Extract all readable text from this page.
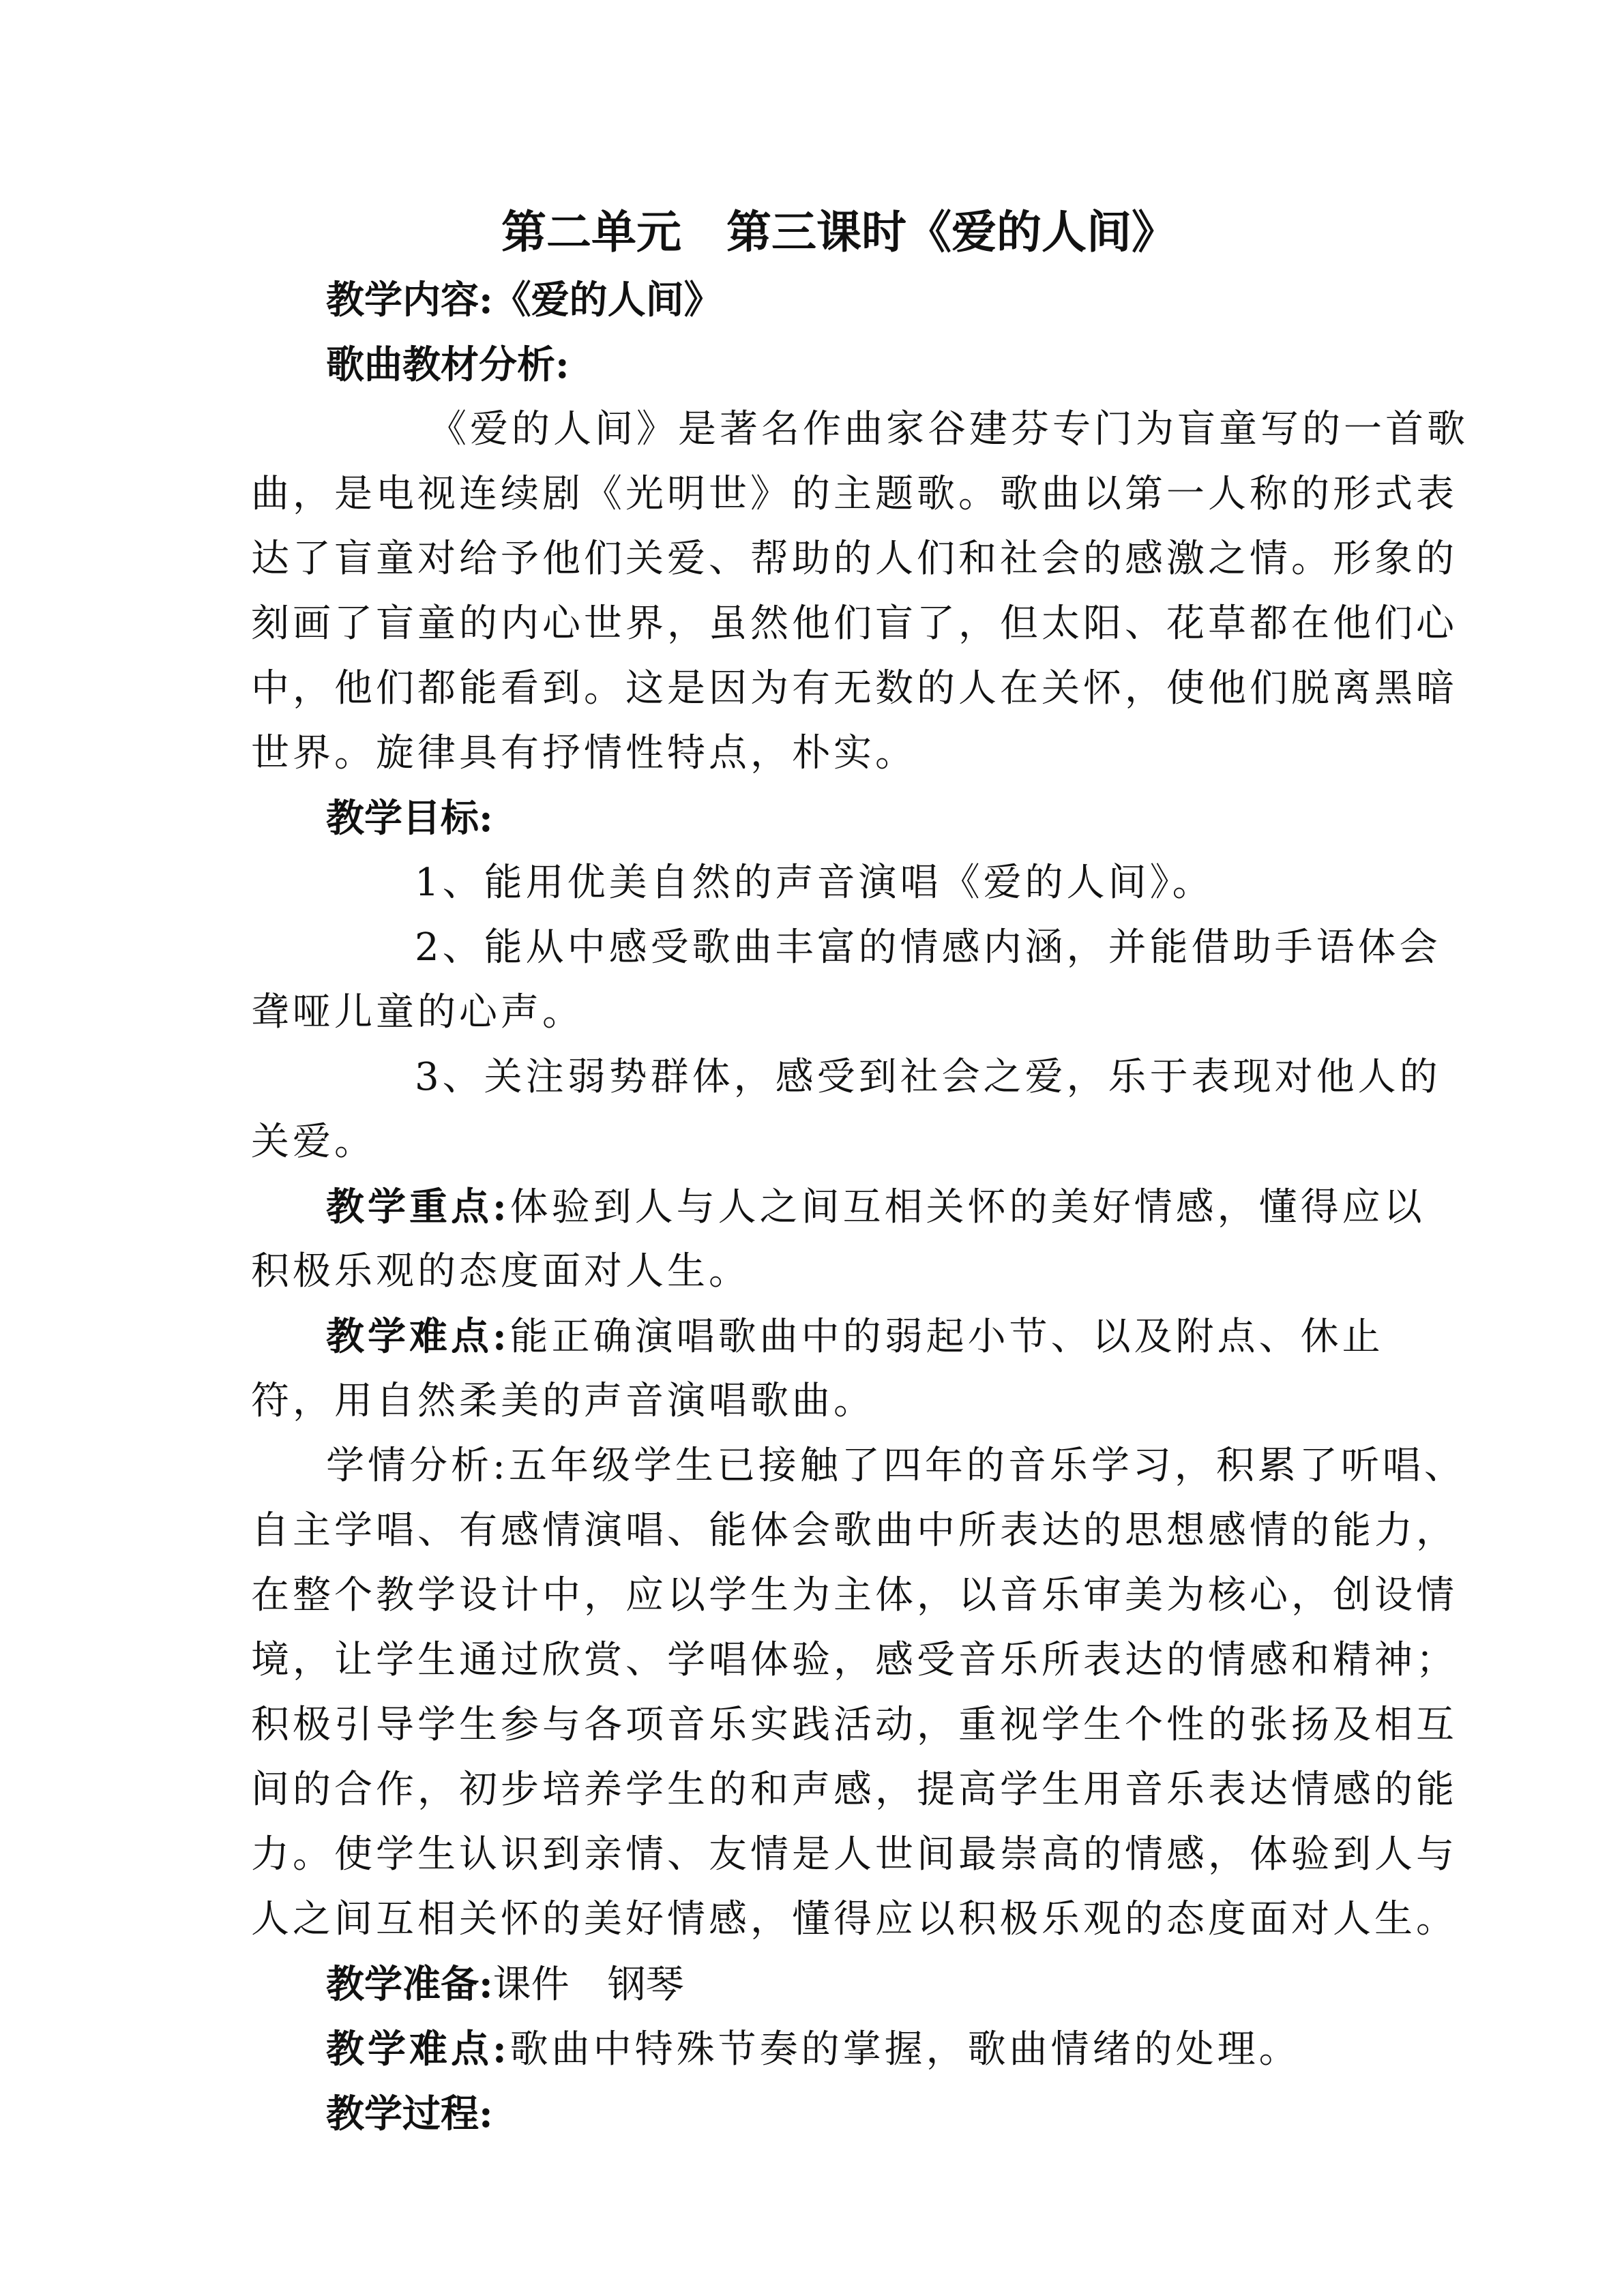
第二单元　第三课时《爱的人间》
教学内容:《爱的人间》
歌曲教材分析:
《爱的人间》是著名作曲家谷建芬专门为盲童写的一首歌
曲，是电视连续剧《光明世》的主题歌。歌曲以第一人称的形式表
达了盲童对给予他们关爱、帮助的人们和社会的感激之情。形象的
刻画了盲童的内心世界，虽然他们盲了，但太阳、花草都在他们心
中，他们都能看到。这是因为有无数的人在关怀，使他们脱离黑暗
世界。旋律具有抒情性特点，朴实。
教学目标:
1、能用优美自然的声音演唱《爱的人间》。
2、能从中感受歌曲丰富的情感内涵，并能借助手语体会
聋哑儿童的心声。
3、关注弱势群体，感受到社会之爱，乐于表现对他人的
关爱。
教学重点:体验到人与人之间互相关怀的美好情感，懂得应以
积极乐观的态度面对人生。
教学难点:能正确演唱歌曲中的弱起小节、以及附点、休止
符，用自然柔美的声音演唱歌曲。
学情分析:五年级学生已接触了四年的音乐学习，积累了听唱、
自主学唱、有感情演唱、能体会歌曲中所表达的思想感情的能力，
在整个教学设计中，应以学生为主体，以音乐审美为核心，创设情
境，让学生通过欣赏、学唱体验，感受音乐所表达的情感和精神；
积极引导学生参与各项音乐实践活动，重视学生个性的张扬及相互
间的合作，初步培养学生的和声感，提高学生用音乐表达情感的能
力。使学生认识到亲情、友情是人世间最崇高的情感，体验到人与
人之间互相关怀的美好情感，懂得应以积极乐观的态度面对人生。
教学准备:课件　钢琴
教学难点:歌曲中特殊节奏的掌握，歌曲情绪的处理。
教学过程:
